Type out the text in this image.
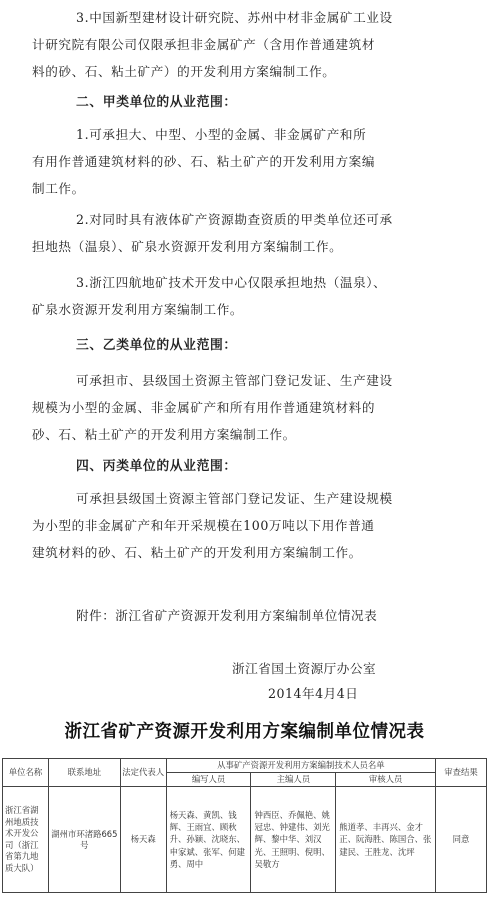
3.中国新型建材设计研究院、苏州中材非金属矿工业设
计研究院有限公司仅限承担非金属矿产（含用作普通建筑材
料的砂、石、粘土矿产）的开发利用方案编制工作。
二、甲类单位的从业范围：
1.可承担大、中型、小型的金属、非金属矿产和所
有用作普通建筑材料的砂、石、粘土矿产的开发利用方案编
制工作。
2.对同时具有液体矿产资源勘查资质的甲类单位还可承
担地热（温泉）、矿泉水资源开发利用方案编制工作。
3.浙江四航地矿技术开发中心仅限承担地热（温泉）、
矿泉水资源开发利用方案编制工作。
三、乙类单位的从业范围：
可承担市、县级国土资源主管部门登记发证、生产建设
规模为小型的金属、非金属矿产和所有用作普通建筑材料的
砂、石、粘土矿产的开发利用方案编制工作。
四、丙类单位的从业范围：
可承担县级国土资源主管部门登记发证、生产建设规模
为小型的非金属矿产和年开采规模在100万吨以下用作普通
建筑材料的砂、石、粘土矿产的开发利用方案编制工作。
附件：浙江省矿产资源开发利用方案编制单位情况表
浙江省国土资源厅办公室
2014年4月4日
浙江省矿产资源开发利用方案编制单位情况表
单位名称	联系地址	法定代表人	从事矿产资源开发利用方案编制技术人员名单			审查结果
			编写人员	主编人员	审核人员	
浙江省湖州地质技术开发公司（浙江省第九地质大队）	湖州市环渚路665号	杨天森	杨天森、黄凯、钱辉、王雨宜、顾秋升、孙颖、沈晓东、申家斌、张军、何建勇、周中	钟西臣、乔佩艳、姚冠忠、钟建伟、刘光辉、黎中华、刘汉光、王照明、倪明、吴敬方	熊道孝、丰再兴、金才正、阮海胜、陈国合、张建民、王胜龙、沈坪	同意
